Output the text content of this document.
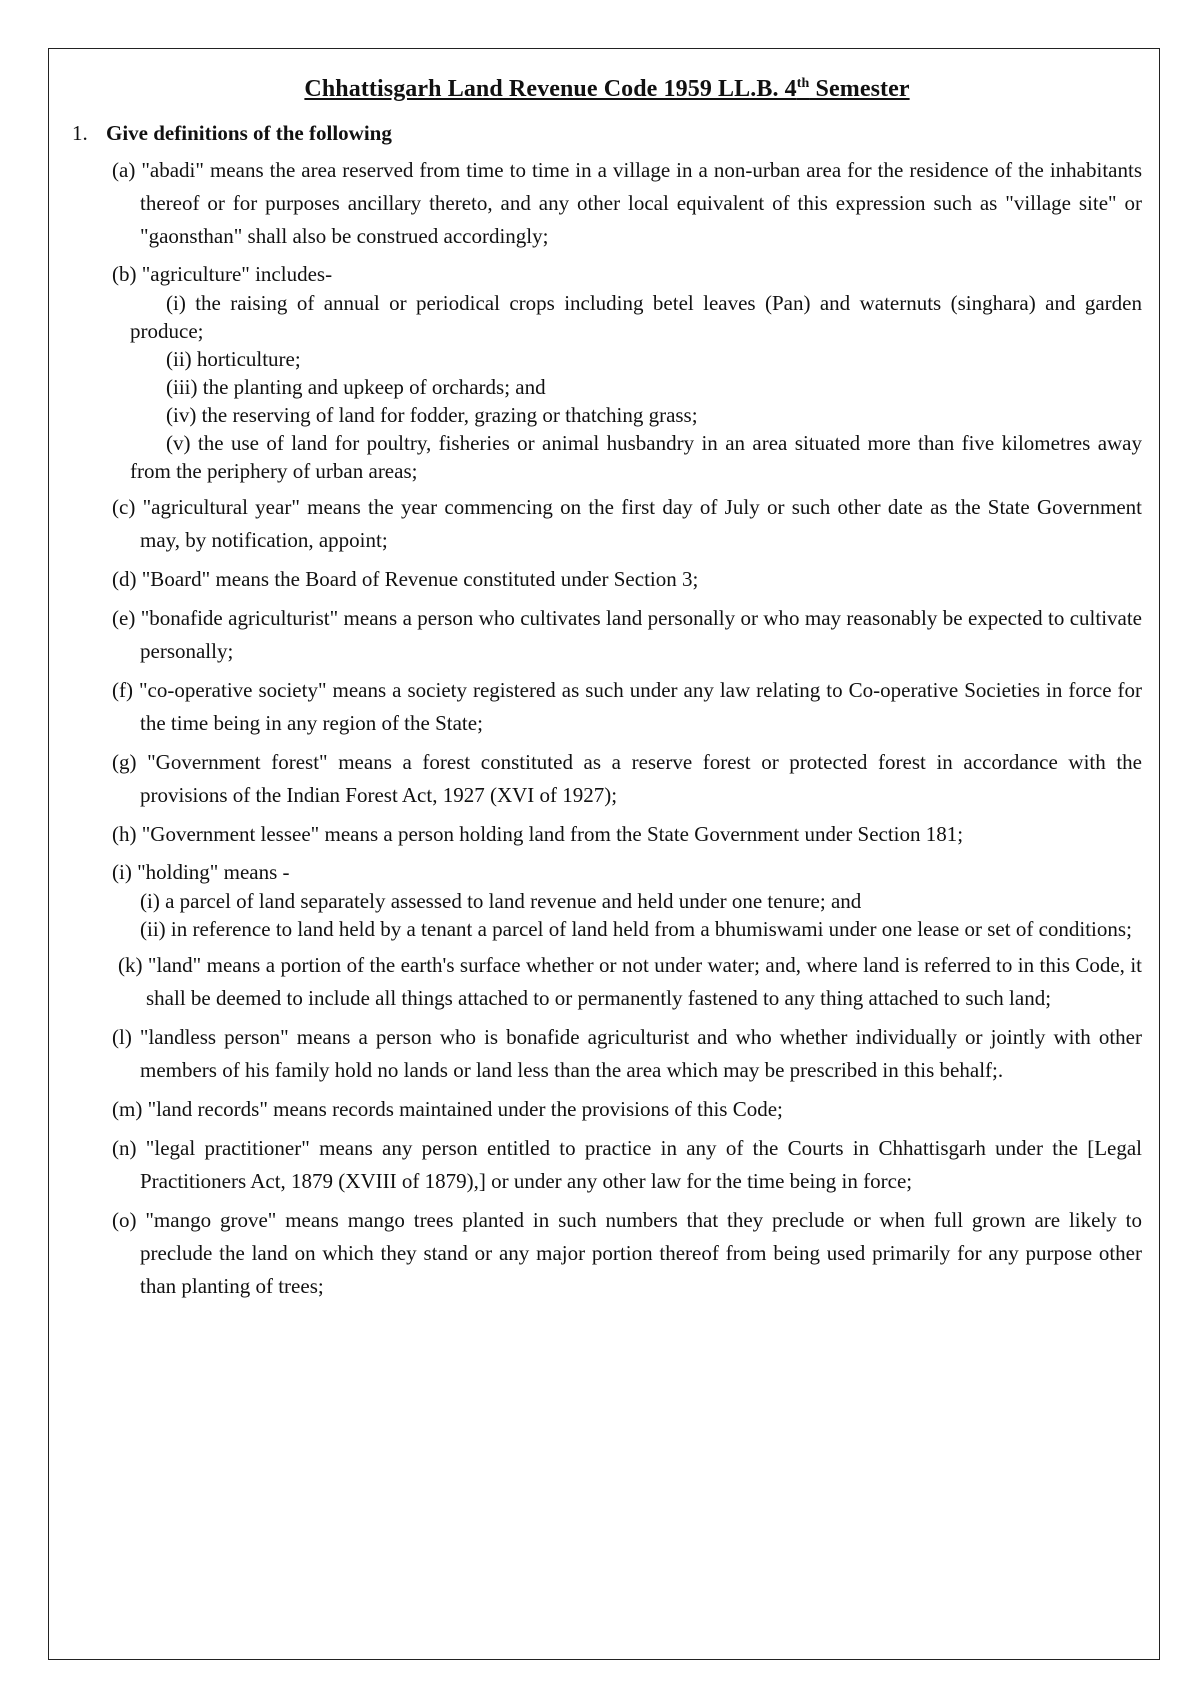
Chhattisgarh Land Revenue Code 1959 LL.B. 4th Semester
1. Give definitions of the following
(a) "abadi" means the area reserved from time to time in a village in a non-urban area for the residence of the inhabitants thereof or for purposes ancillary thereto, and any other local equivalent of this expression such as "village site" or "gaonsthan" shall also be construed accordingly;
(b) "agriculture" includes-
(i) the raising of annual or periodical crops including betel leaves (Pan) and waternuts (singhara) and garden produce;
(ii) horticulture;
(iii) the planting and upkeep of orchards; and
(iv) the reserving of land for fodder, grazing or thatching grass;
(v) the use of land for poultry, fisheries or animal husbandry in an area situated more than five kilometres away from the periphery of urban areas;
(c) "agricultural year" means the year commencing on the first day of July or such other date as the State Government may, by notification, appoint;
(d) "Board" means the Board of Revenue constituted under Section 3;
(e) "bonafide agriculturist" means a person who cultivates land personally or who may reasonably be expected to cultivate personally;
(f) "co-operative society" means a society registered as such under any law relating to Co-operative Societies in force for the time being in any region of the State;
(g) "Government forest" means a forest constituted as a reserve forest or protected forest in accordance with the provisions of the Indian Forest Act, 1927 (XVI of 1927);
(h) "Government lessee" means a person holding land from the State Government under Section 181;
(i) "holding" means -
(i) a parcel of land separately assessed to land revenue and held under one tenure; and
(ii) in reference to land held by a tenant a parcel of land held from a bhumiswami under one lease or set of conditions;
(k) "land" means a portion of the earth's surface whether or not under water; and, where land is referred to in this Code, it shall be deemed to include all things attached to or permanently fastened to any thing attached to such land;
(l) "landless person" means a person who is bonafide agriculturist and who whether individually or jointly with other members of his family hold no lands or land less than the area which may be prescribed in this behalf;.
(m) "land records" means records maintained under the provisions of this Code;
(n) "legal practitioner" means any person entitled to practice in any of the Courts in Chhattisgarh under the [Legal Practitioners Act, 1879 (XVIII of 1879),] or under any other law for the time being in force;
(o) "mango grove" means mango trees planted in such numbers that they preclude or when full grown are likely to preclude the land on which they stand or any major portion thereof from being used primarily for any purpose other than planting of trees;
